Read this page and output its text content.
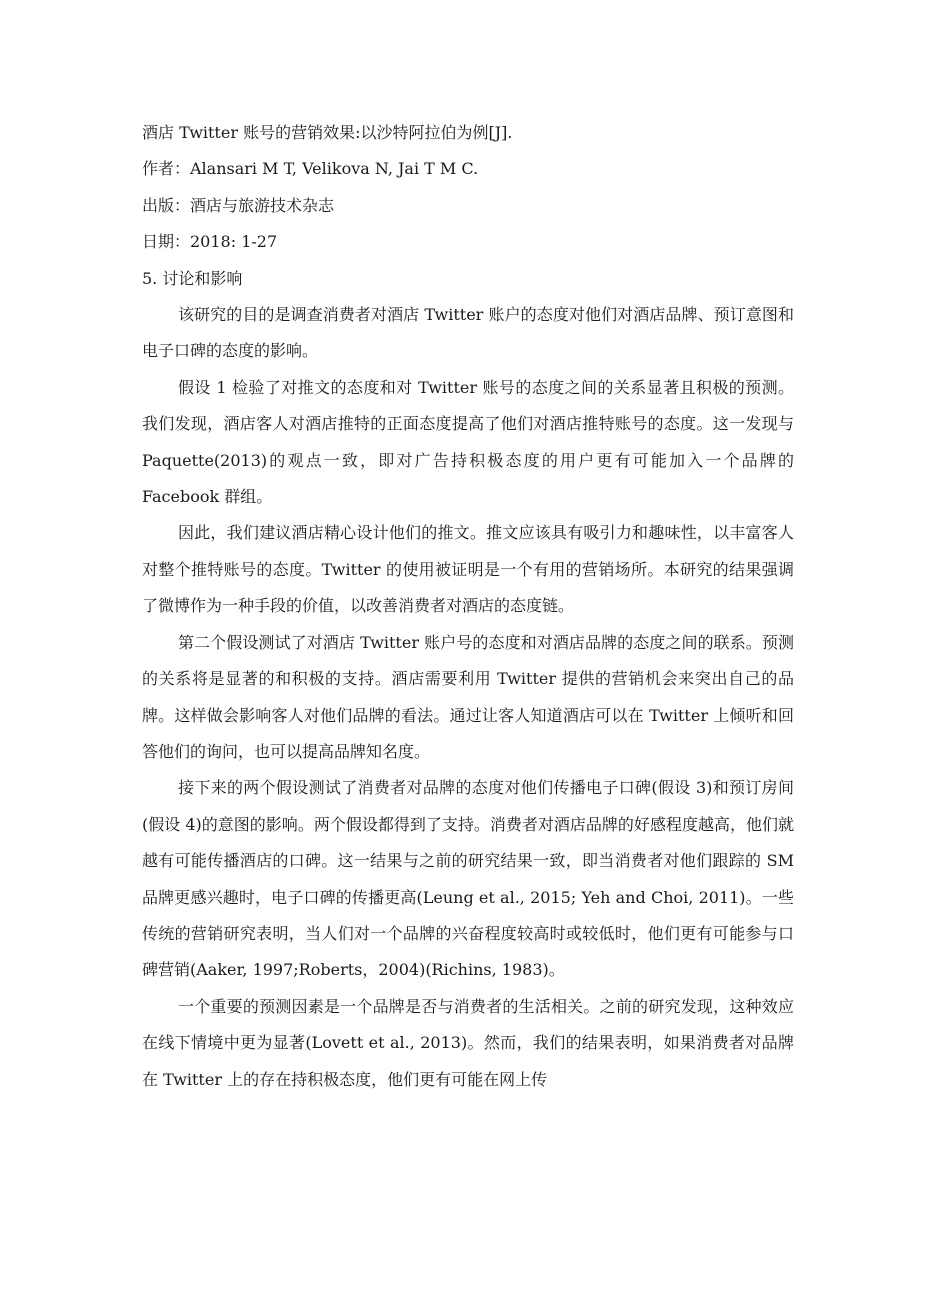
酒店 Twitter 账号的营销效果:以沙特阿拉伯为例[J].

作者：Alansari M T, Velikova N, Jai T M C.

出版：酒店与旅游技术杂志

日期：2018: 1-27

5. 讨论和影响

该研究的目的是调查消费者对酒店 Twitter 账户的态度对他们对酒店品牌、预订意图和电子口碑的态度的影响。

假设 1 检验了对推文的态度和对 Twitter 账号的态度之间的关系显著且积极的预测。我们发现，酒店客人对酒店推特的正面态度提高了他们对酒店推特账号的态度。这一发现与 Paquette(2013)的观点一致，即对广告持积极态度的用户更有可能加入一个品牌的 Facebook 群组。

因此，我们建议酒店精心设计他们的推文。推文应该具有吸引力和趣味性，以丰富客人对整个推特账号的态度。Twitter 的使用被证明是一个有用的营销场所。本研究的结果强调了微博作为一种手段的价值，以改善消费者对酒店的态度链。

第二个假设测试了对酒店 Twitter 账户号的态度和对酒店品牌的态度之间的联系。预测的关系将是显著的和积极的支持。酒店需要利用 Twitter 提供的营销机会来突出自己的品牌。这样做会影响客人对他们品牌的看法。通过让客人知道酒店可以在 Twitter 上倾听和回答他们的询问，也可以提高品牌知名度。

接下来的两个假设测试了消费者对品牌的态度对他们传播电子口碑(假设 3)和预订房间(假设 4)的意图的影响。两个假设都得到了支持。消费者对酒店品牌的好感程度越高，他们就越有可能传播酒店的口碑。这一结果与之前的研究结果一致，即当消费者对他们跟踪的 SM 品牌更感兴趣时，电子口碑的传播更高(Leung et al., 2015; Yeh and Choi, 2011)。一些传统的营销研究表明，当人们对一个品牌的兴奋程度较高时或较低时，他们更有可能参与口碑营销(Aaker, 1997;Roberts，2004)(Richins, 1983)。

一个重要的预测因素是一个品牌是否与消费者的生活相关。之前的研究发现，这种效应在线下情境中更为显著(Lovett et al., 2013)。然而，我们的结果表明，如果消费者对品牌在 Twitter 上的存在持积极态度，他们更有可能在网上传
